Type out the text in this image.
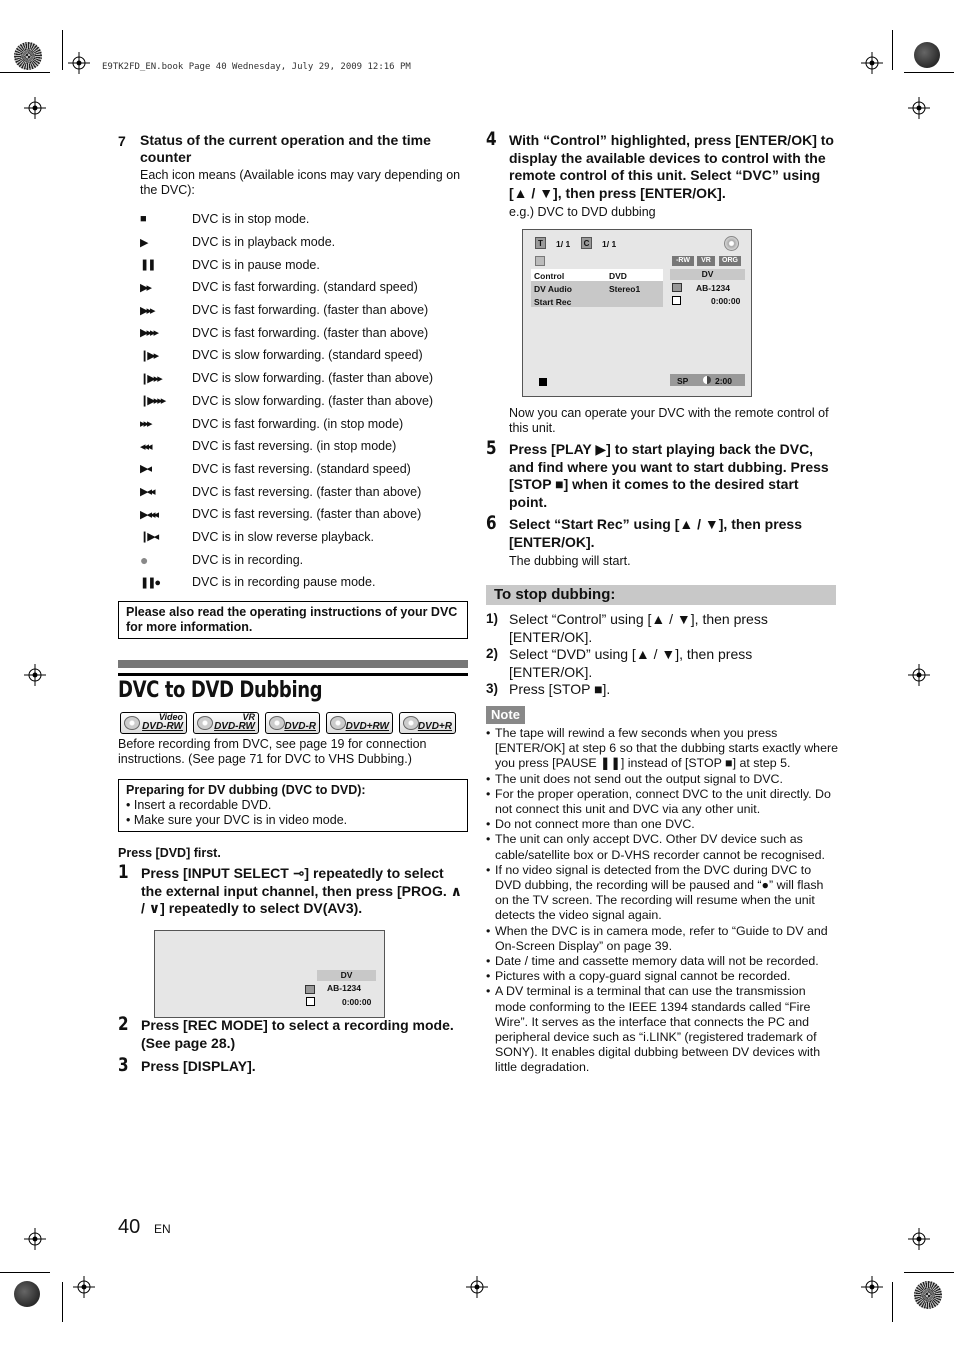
E9TK2FD_EN.book Page 40 Wednesday, July 29, 2009 12:16 PM
7 Status of the current operation and the time counter
Each icon means (Available icons may vary depending on the DVC):
■	DVC is in stop mode.
▶	DVC is in playback mode.
❚❚	DVC is in pause mode.
▶▸	DVC is fast forwarding. (standard speed)
▶▸▸	DVC is fast forwarding. (faster than above)
▶▸▸▸	DVC is fast forwarding. (faster than above)
❙▶▸	DVC is slow forwarding. (standard speed)
❙▶▸▸	DVC is slow forwarding. (faster than above)
❙▶▸▸▸ DVC is slow forwarding. (faster than above)
▸▸▸	DVC is fast forwarding. (in stop mode)
◂◂◂	DVC is fast reversing. (in stop mode)
▶◂	DVC is fast reversing. (standard speed)
▶◂◂	DVC is fast reversing. (faster than above)
▶◂◂◂	DVC is fast reversing. (faster than above)
❙▶◂	DVC is in slow reverse playback.
●	DVC is in recording.
❚❚●	DVC is in recording pause mode.
Please also read the operating instructions of your DVC for more information.
DVC to DVD Dubbing
Video
DVD-RW
VR
DVD-RW	DVD-R	DVD+RW	DVD+R
Before recording from DVC, see page 19 for connection instructions. (See page 71 for DVC to VHS Dubbing.)
Preparing for DV dubbing (DVC to DVD):
• Insert a recordable DVD.
• Make sure your DVC is in video mode.
Press [DVD] first.
1 Press [INPUT SELECT ⊸] repeatedly to select the external input channel, then press [PROG. ∧ / ∨] repeatedly to select DV(AV3).
DV
AB-1234
0:00:00
2 Press [REC MODE] to select a recording mode. (See page 28.)
3 Press [DISPLAY].
4 With “Control” highlighted, press [ENTER/OK] to display the available devices to control with the remote control of this unit. Select “DVC” using [▲ / ▼], then press [ENTER/OK].
e.g.) DVC to DVD dubbing
T	1/ 1	C	1/ 1
-RW	VR	ORG
Control	DVD
DV Audio	Stereo1
Start Rec
DV
AB-1234
0:00:00
SP	2:00
Now you can operate your DVC with the remote control of this unit.
5 Press [PLAY ▶] to start playing back the DVC, and find where you want to start dubbing. Press [STOP ■] when it comes to the desired start point.
6 Select “Start Rec” using [▲ / ▼], then press [ENTER/OK].
The dubbing will start.
To stop dubbing:
1) Select “Control” using [▲ / ▼], then press [ENTER/OK].
2) Select “DVD” using [▲ / ▼], then press [ENTER/OK].
3) Press [STOP ■].
Note
• The tape will rewind a few seconds when you press [ENTER/OK] at step 6 so that the dubbing starts exactly where you press [PAUSE ❚❚] instead of [STOP ■] at step 5.
• The unit does not send out the output signal to DVC.
• For the proper operation, connect DVC to the unit directly. Do not connect this unit and DVC via any other unit.
• Do not connect more than one DVC.
• The unit can only accept DVC. Other DV device such as cable/satellite box or D-VHS recorder cannot be recognised.
• If no video signal is detected from the DVC during DVC to DVD dubbing, the recording will be paused and “●” will flash on the TV screen. The recording will resume when the unit detects the video signal again.
• When the DVC is in camera mode, refer to “Guide to DV and On-Screen Display” on page 39.
• Date / time and cassette memory data will not be recorded.
• Pictures with a copy-guard signal cannot be recorded.
• A DV terminal is a terminal that can use the transmission mode conforming to the IEEE 1394 standards called “Fire Wire”. It serves as the interface that connects the PC and peripheral device such as “i.LINK” (registered trademark of SONY). It enables digital dubbing between DV devices with little degradation.
40 EN
